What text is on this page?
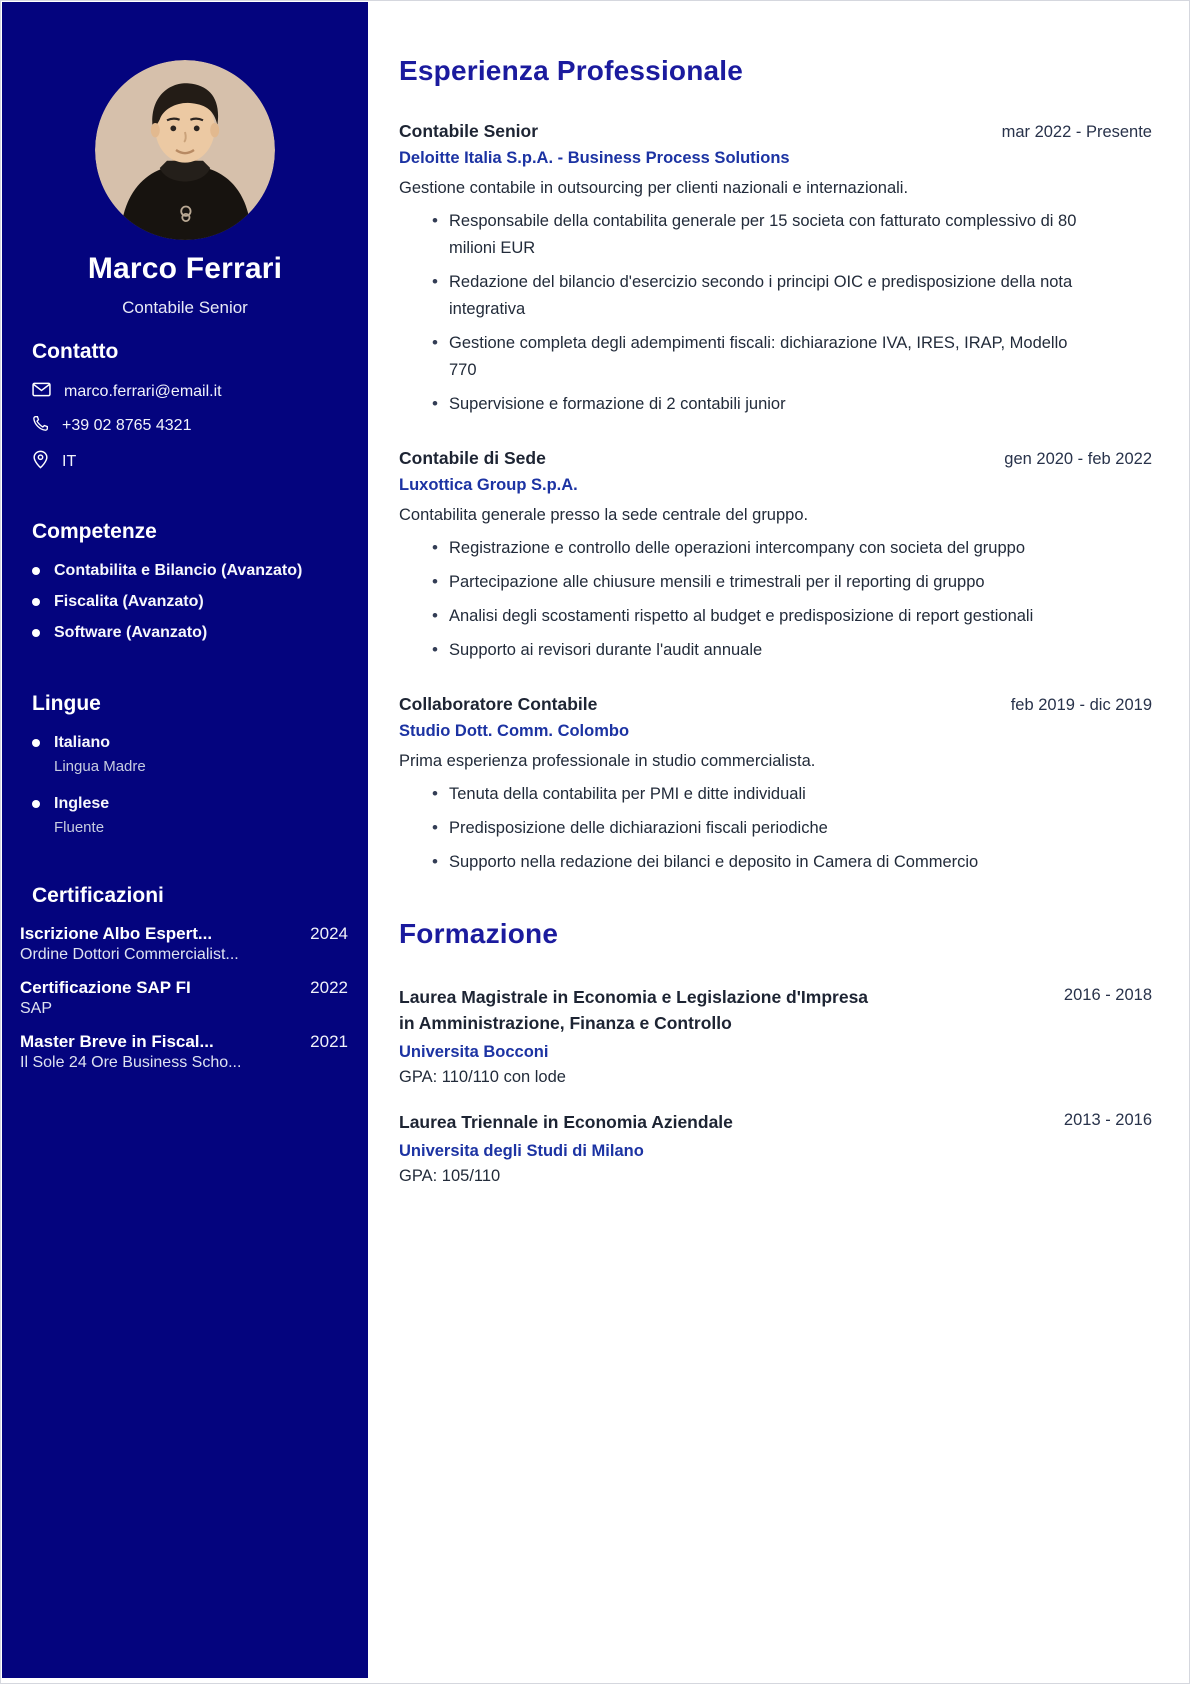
Marco Ferrari
Contabile Senior
Contatto
marco.ferrari@email.it
+39 02 8765 4321
IT
Competenze
Contabilita e Bilancio (Avanzato)
Fiscalita (Avanzato)
Software (Avanzato)
Lingue
Italiano
Lingua Madre
Inglese
Fluente
Certificazioni
Iscrizione Albo Espert...	2024
Ordine Dottori Commercialist...
Certificazione SAP FI	2022
SAP
Master Breve in Fiscal...	2021
Il Sole 24 Ore Business Scho...
Esperienza Professionale
Contabile Senior	mar 2022 - Presente
Deloitte Italia S.p.A. - Business Process Solutions
Gestione contabile in outsourcing per clienti nazionali e internazionali.
• Responsabile della contabilita generale per 15 societa con fatturato complessivo di 80 milioni EUR
• Redazione del bilancio d'esercizio secondo i principi OIC e predisposizione della nota integrativa
• Gestione completa degli adempimenti fiscali: dichiarazione IVA, IRES, IRAP, Modello 770
• Supervisione e formazione di 2 contabili junior
Contabile di Sede	gen 2020 - feb 2022
Luxottica Group S.p.A.
Contabilita generale presso la sede centrale del gruppo.
• Registrazione e controllo delle operazioni intercompany con societa del gruppo
• Partecipazione alle chiusure mensili e trimestrali per il reporting di gruppo
• Analisi degli scostamenti rispetto al budget e predisposizione di report gestionali
• Supporto ai revisori durante l'audit annuale
Collaboratore Contabile	feb 2019 - dic 2019
Studio Dott. Comm. Colombo
Prima esperienza professionale in studio commercialista.
• Tenuta della contabilita per PMI e ditte individuali
• Predisposizione delle dichiarazioni fiscali periodiche
• Supporto nella redazione dei bilanci e deposito in Camera di Commercio
Formazione
Laurea Magistrale in Economia e Legislazione d'Impresa in Amministrazione, Finanza e Controllo
2016 - 2018
Universita Bocconi
GPA: 110/110 con lode
Laurea Triennale in Economia Aziendale	2013 - 2016
Universita degli Studi di Milano
GPA: 105/110
